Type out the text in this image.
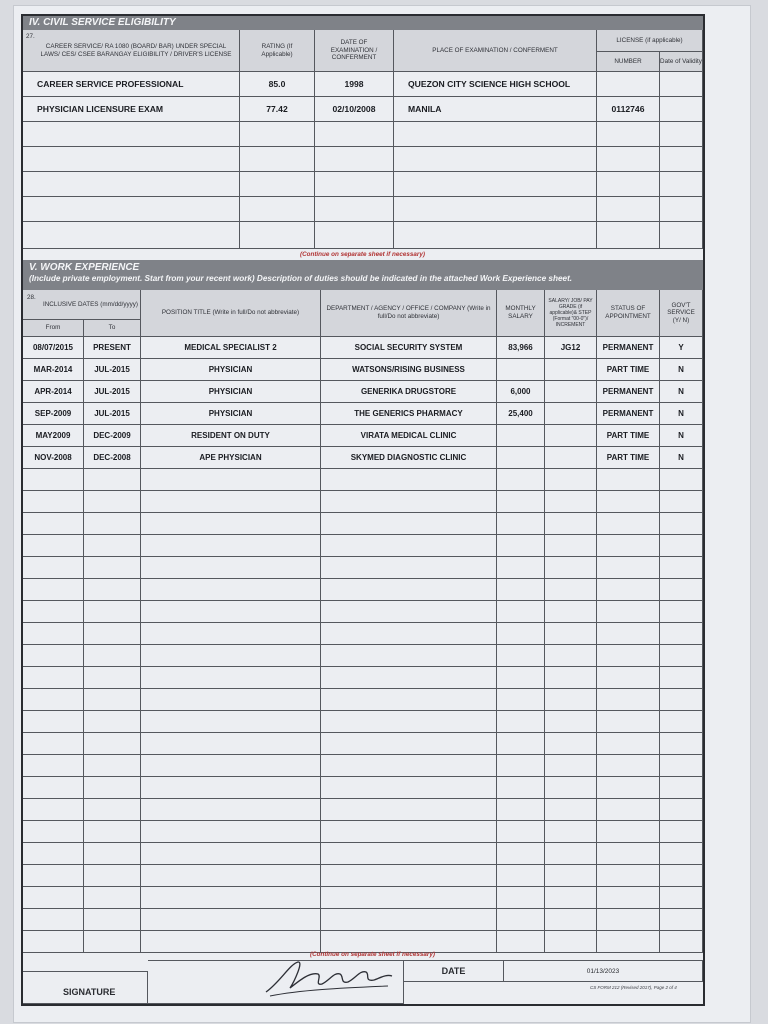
IV. CIVIL SERVICE ELIGIBILITY
CAREER SERVICE/ RA 1080 (BOARD/ BAR) UNDER SPECIAL LAWS/ CES/ CSEE BARANGAY ELIGIBILITY / DRIVER'S LICENSE
27.
RATING (If Applicable)
DATE OF EXAMINATION / CONFERMENT
PLACE OF EXAMINATION / CONFERMENT
LICENSE (if applicable)
NUMBER	Date of Validity
CAREER SERVICE PROFESSIONAL	85.0	1998	QUEZON CITY SCIENCE HIGH SCHOOL
PHYSICIAN LICENSURE EXAM	77.42	02/10/2008	MANILA	0112746
(Continue on separate sheet if necessary)
V. WORK EXPERIENCE
(Include private employment. Start from your recent work) Description of duties should be indicated in the attached Work Experience sheet.
INCLUSIVE DATES (mm/dd/yyyy)
28.
From	To
POSITION TITLE (Write in full/Do not abbreviate)
DEPARTMENT / AGENCY / OFFICE / COMPANY (Write in full/Do not abbreviate)
MONTHLY SALARY
SALARY/ JOB/ PAY GRADE (if applicable)& STEP (Format "00-0")/ INCREMENT
STATUS OF APPOINTMENT
GOV'T SERVICE (Y/ N)
08/07/2015	PRESENT	MEDICAL SPECIALIST 2	SOCIAL SECURITY SYSTEM	83,966	JG12	PERMANENT	Y
MAR-2014	JUL-2015	PHYSICIAN	WATSONS/RISING BUSINESS	PART TIME	N
APR-2014	JUL-2015	PHYSICIAN	GENERIKA DRUGSTORE	6,000	PERMANENT	N
SEP-2009	JUL-2015	PHYSICIAN	THE GENERICS PHARMACY	25,400	PERMANENT	N
MAY2009	DEC-2009	RESIDENT ON DUTY	VIRATA MEDICAL CLINIC	PART TIME	N
NOV-2008	DEC-2008	APE PHYSICIAN	SKYMED DIAGNOSTIC CLINIC	PART TIME	N
(Continue on separate sheet if necessary)
SIGNATURE
DATE	01/13/2023
CS FORM 212 (Revised 2017), Page 2 of 4
